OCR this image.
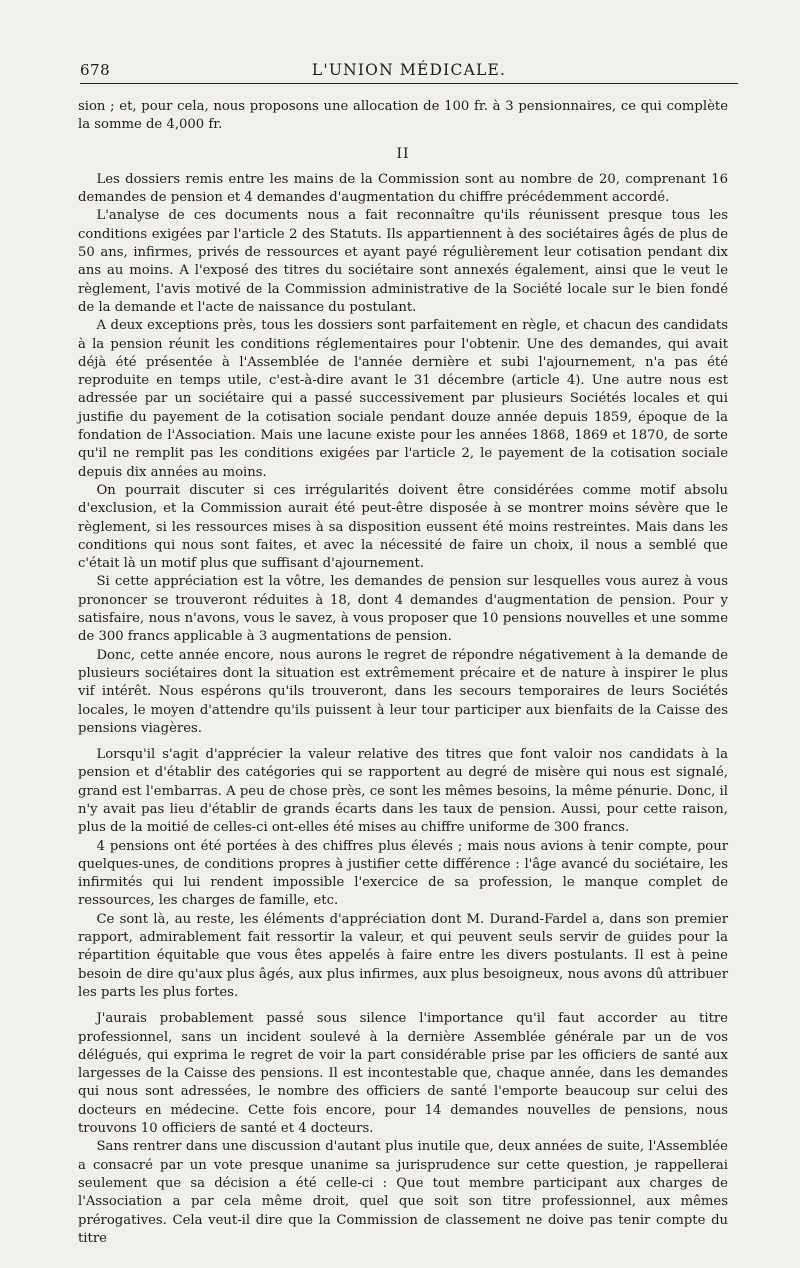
678	L'UNION MÉDICALE.

sion ; et, pour cela, nous proposons une allocation de 100 fr. à 3 pensionnaires, ce qui complète la somme de 4,000 fr.

II

Les dossiers remis entre les mains de la Commission sont au nombre de 20, comprenant 16 demandes de pension et 4 demandes d'augmentation du chiffre précédemment accordé.

L'analyse de ces documents nous a fait reconnaître qu'ils réunissent presque tous les conditions exigées par l'article 2 des Statuts. Ils appartiennent à des sociétaires âgés de plus de 50 ans, infirmes, privés de ressources et ayant payé régulièrement leur cotisation pendant dix ans au moins. A l'exposé des titres du sociétaire sont annexés également, ainsi que le veut le règlement, l'avis motivé de la Commission administrative de la Société locale sur le bien fondé de la demande et l'acte de naissance du postulant.

A deux exceptions près, tous les dossiers sont parfaitement en règle, et chacun des candidats à la pension réunit les conditions réglementaires pour l'obtenir. Une des demandes, qui avait déjà été présentée à l'Assemblée de l'année dernière et subi l'ajournement, n'a pas été reproduite en temps utile, c'est-à-dire avant le 31 décembre (article 4). Une autre nous est adressée par un sociétaire qui a passé successivement par plusieurs Sociétés locales et qui justifie du payement de la cotisation sociale pendant douze année depuis 1859, époque de la fondation de l'Association. Mais une lacune existe pour les années 1868, 1869 et 1870, de sorte qu'il ne remplit pas les conditions exigées par l'article 2, le payement de la cotisation sociale depuis dix années au moins.

On pourrait discuter si ces irrégularités doivent être considérées comme motif absolu d'exclusion, et la Commission aurait été peut-être disposée à se montrer moins sévère que le règlement, si les ressources mises à sa disposition eussent été moins restreintes. Mais dans les conditions qui nous sont faites, et avec la nécessité de faire un choix, il nous a semblé que c'était là un motif plus que suffisant d'ajournement.

Si cette appréciation est la vôtre, les demandes de pension sur lesquelles vous aurez à vous prononcer se trouveront réduites à 18, dont 4 demandes d'augmentation de pension. Pour y satisfaire, nous n'avons, vous le savez, à vous proposer que 10 pensions nouvelles et une somme de 300 francs applicable à 3 augmentations de pension.

Donc, cette année encore, nous aurons le regret de répondre négativement à la demande de plusieurs sociétaires dont la situation est extrêmement précaire et de nature à inspirer le plus vif intérêt. Nous espérons qu'ils trouveront, dans les secours temporaires de leurs Sociétés locales, le moyen d'attendre qu'ils puissent à leur tour participer aux bienfaits de la Caisse des pensions viagères.

Lorsqu'il s'agit d'apprécier la valeur relative des titres que font valoir nos candidats à la pension et d'établir des catégories qui se rapportent au degré de misère qui nous est signalé, grand est l'embarras. A peu de chose près, ce sont les mêmes besoins, la même pénurie. Donc, il n'y avait pas lieu d'établir de grands écarts dans les taux de pension. Aussi, pour cette raison, plus de la moitié de celles-ci ont-elles été mises au chiffre uniforme de 300 francs.

4 pensions ont été portées à des chiffres plus élevés ; mais nous avions à tenir compte, pour quelques-unes, de conditions propres à justifier cette différence : l'âge avancé du sociétaire, les infirmités qui lui rendent impossible l'exercice de sa profession, le manque complet de ressources, les charges de famille, etc.

Ce sont là, au reste, les éléments d'appréciation dont M. Durand-Fardel a, dans son premier rapport, admirablement fait ressortir la valeur, et qui peuvent seuls servir de guides pour la répartition équitable que vous êtes appelés à faire entre les divers postulants. Il est à peine besoin de dire qu'aux plus âgés, aux plus infirmes, aux plus besoigneux, nous avons dû attribuer les parts les plus fortes.

J'aurais probablement passé sous silence l'importance qu'il faut accorder au titre professionnel, sans un incident soulevé à la dernière Assemblée générale par un de vos délégués, qui exprima le regret de voir la part considérable prise par les officiers de santé aux largesses de la Caisse des pensions. Il est incontestable que, chaque année, dans les demandes qui nous sont adressées, le nombre des officiers de santé l'emporte beaucoup sur celui des docteurs en médecine. Cette fois encore, pour 14 demandes nouvelles de pensions, nous trouvons 10 officiers de santé et 4 docteurs.

Sans rentrer dans une discussion d'autant plus inutile que, deux années de suite, l'Assemblée a consacré par un vote presque unanime sa jurisprudence sur cette question, je rappellerai seulement que sa décision a été celle-ci : Que tout membre participant aux charges de l'Association a par cela même droit, quel que soit son titre professionnel, aux mêmes prérogatives. Cela veut-il dire que la Commission de classement ne doive pas tenir compte du titre
